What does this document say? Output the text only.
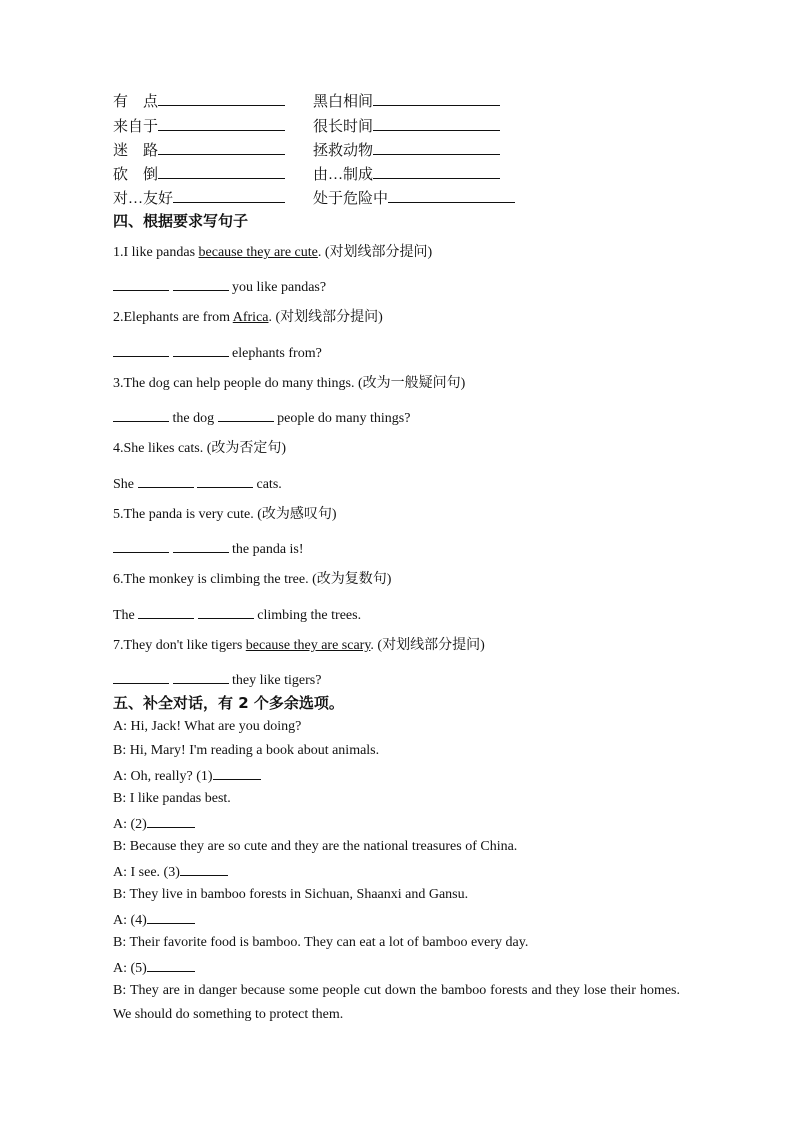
有　点	黑白相间
来自于	很长时间
迷　路	拯救动物
砍　倒	由…制成
对…友好	处于危险中
四、根据要求写句子
1.I like pandas because they are cute. (对划线部分提问)
you like pandas?
2.Elephants are from Africa. (对划线部分提问)
elephants from?
3.The dog can help people do many things. (改为一般疑问句)
the dog	people do many things?
4.She likes cats. (改为否定句)
She	cats.
5.The panda is very cute. (改为感叹句)
the panda is!
6.The monkey is climbing the tree. (改为复数句)
The	climbing the trees.
7.They don't like tigers because they are scary. (对划线部分提问)
they like tigers?
五、补全对话，有 2 个多余选项。
A: Hi, Jack! What are you doing?
B: Hi, Mary! I'm reading a book about animals.
A: Oh, really? (1)
B: I like pandas best.
A: (2)
B: Because they are so cute and they are the national treasures of China.
A: I see. (3)
B: They live in bamboo forests in Sichuan, Shaanxi and Gansu.
A: (4)
B: Their favorite food is bamboo. They can eat a lot of bamboo every day.
A: (5)
B: They are in danger because some people cut down the bamboo forests and they lose their homes. We should do something to protect them.
